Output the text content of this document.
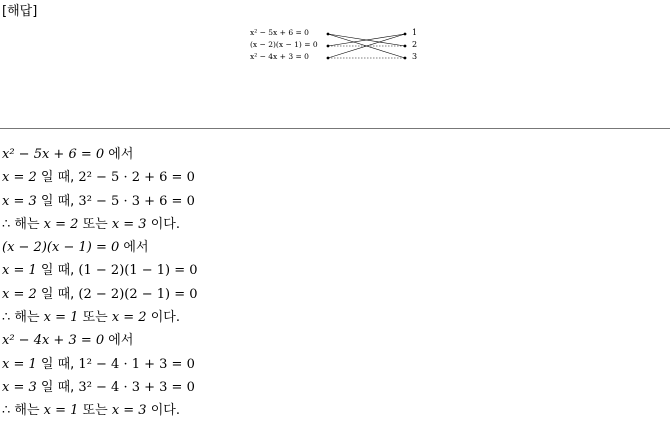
[해답]
x² − 5x + 6 = 0
(x − 2)(x − 1) = 0
x² − 4x + 3 = 0
1
2
3
x² − 5x + 6 = 0 에서
x = 2 일 때, 2² − 5 · 2 + 6 = 0
x = 3 일 때, 3² − 5 · 3 + 6 = 0
∴ 해는 x = 2 또는 x = 3 이다.
(x − 2)(x − 1) = 0 에서
x = 1 일 때, (1 − 2)(1 − 1) = 0
x = 2 일 때, (2 − 2)(2 − 1) = 0
∴ 해는 x = 1 또는 x = 2 이다.
x² − 4x + 3 = 0 에서
x = 1 일 때, 1² − 4 · 1 + 3 = 0
x = 3 일 때, 3² − 4 · 3 + 3 = 0
∴ 해는 x = 1 또는 x = 3 이다.
